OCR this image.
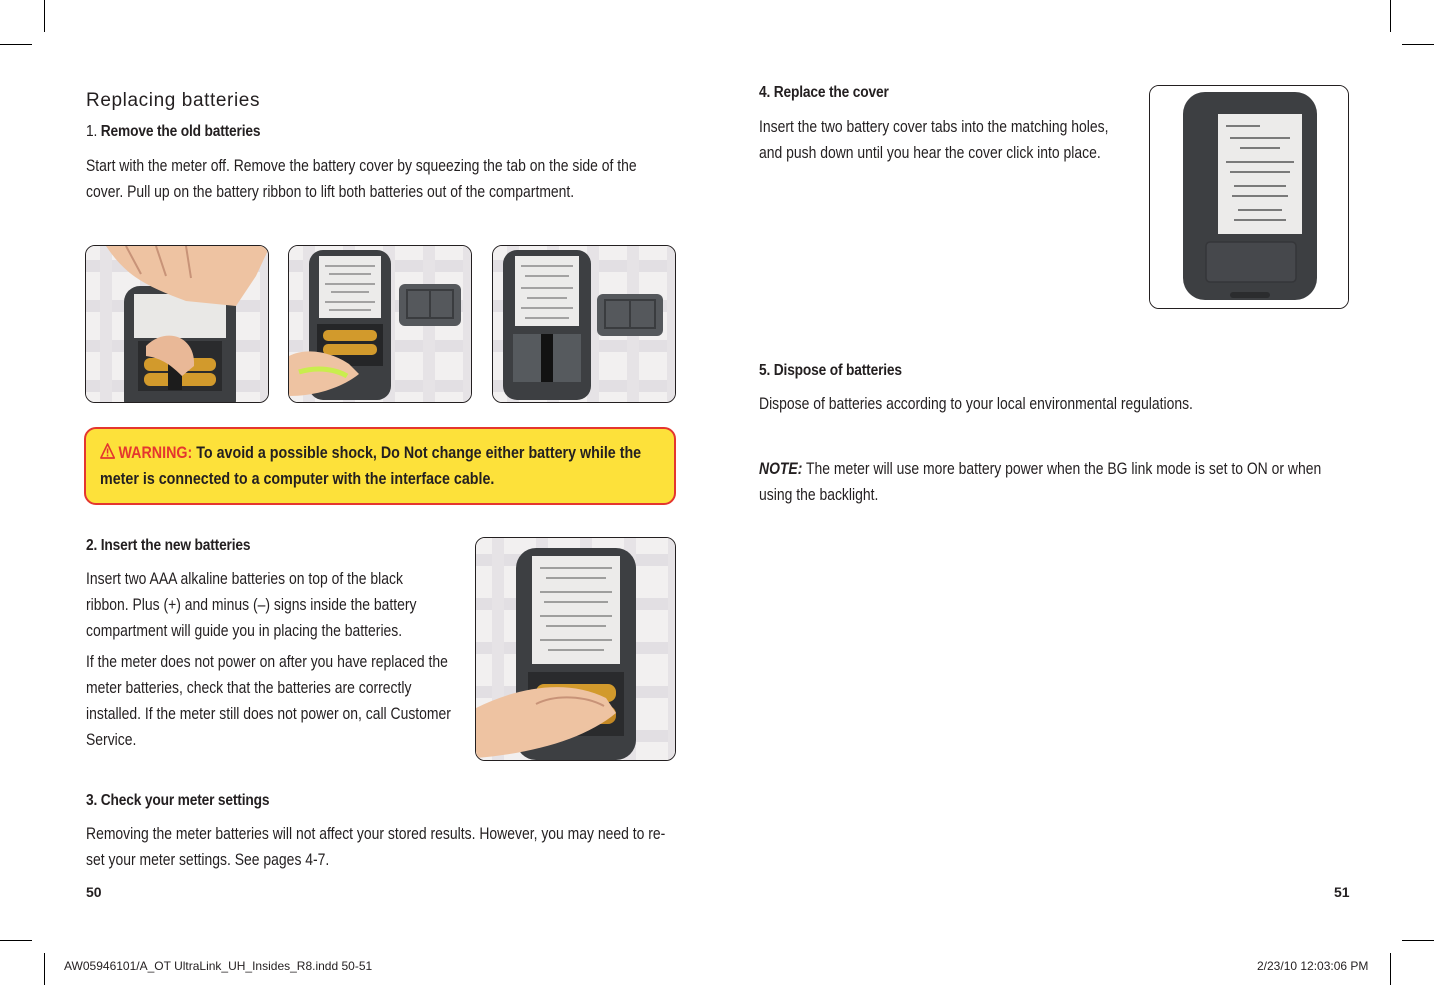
Replacing batteries
1. Remove the old batteries
Start with the meter off. Remove the battery cover by squeezing the tab on the side of the cover. Pull up on the battery ribbon to lift both batteries out of the compartment.
WARNING: To avoid a possible shock, Do Not change either battery while the meter is connected to a computer with the interface cable.
2. Insert the new batteries
Insert two AAA alkaline batteries on top of the black ribbon. Plus (+) and minus (–) signs inside the battery compartment will guide you in placing the batteries.
If the meter does not power on after you have replaced the meter batteries, check that the batteries are correctly installed. If the meter still does not power on, call Customer Service.
3. Check your meter settings
Removing the meter batteries will not affect your stored results. However, you may need to re-set your meter settings. See pages 4-7.
50
4. Replace the cover
Insert the two battery cover tabs into the matching holes, and push down until you hear the cover click into place.
5. Dispose of batteries
Dispose of batteries according to your local environmental regulations.
NOTE: The meter will use more battery power when the BG link mode is set to ON or when using the backlight.
51
AW05946101/A_OT UltraLink_UH_Insides_R8.indd 50-51	2/23/10 12:03:06 PM
